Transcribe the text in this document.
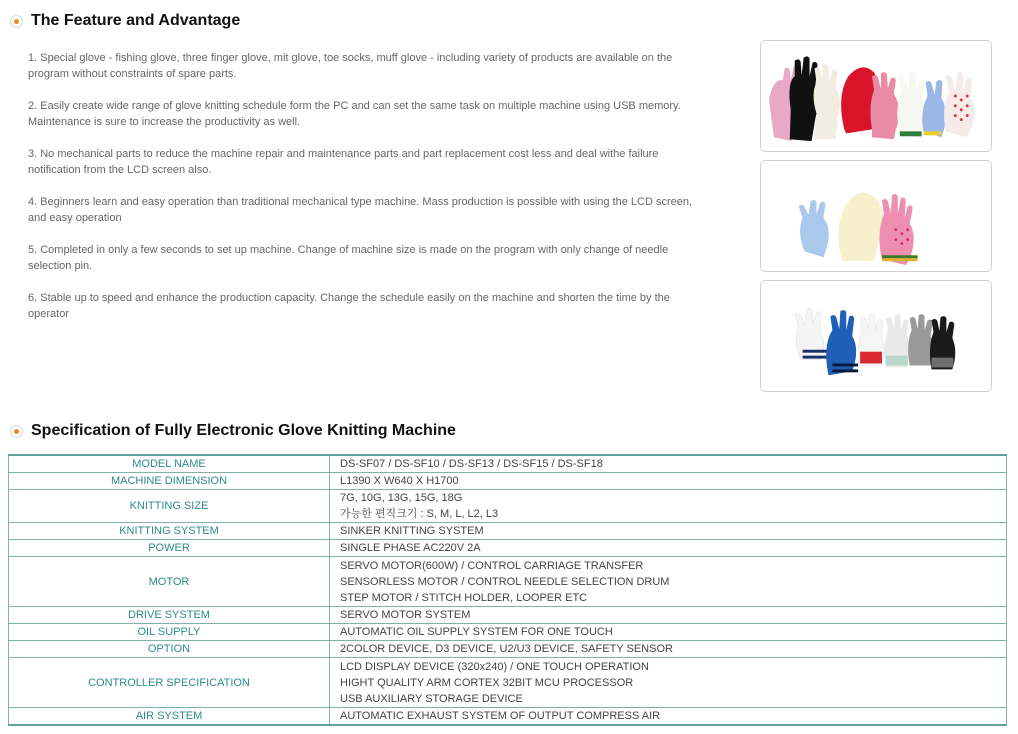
The Feature and Advantage

1. Special glove - fishing glove, three finger glove, mit glove, toe socks, muff glove - including variety of products are available on the program without constraints of spare parts.

2. Easily create wide range of glove knitting schedule form the PC and can set the same task on multiple machine using USB memory. Maintenance is sure to increase the productivity as well.

3. No mechanical parts to reduce the machine repair and maintenance parts and part replacement cost less and deal withe failure notification from the LCD screen also.

4. Beginners learn and easy operation than traditional mechanical type machine. Mass production is possible with using the LCD screen, and easy operation

5. Completed in only a few seconds to set up machine. Change of machine size is made on the program with only change of needle selection pin.

6. Stable up to speed and enhance the production capacity. Change the schedule easily on the machine and shorten the time by the operator

Specification of Fully Electronic Glove Knitting Machine
MODEL NAME	DS-SF07 / DS-SF10 / DS-SF13 / DS-SF15 / DS-SF18

MACHINE DIMENSION	L1390 X W640 X H1700

KNITTING SIZE	7G, 10G, 13G, 15G, 18G
가능한 편직크기 : S, M, L, L2, L3

KNITTING SYSTEM	SINKER KNITTING SYSTEM

POWER	SINGLE PHASE AC220V 2A

MOTOR	SERVO MOTOR(600W) / CONTROL CARRIAGE TRANSFER
SENSORLESS MOTOR / CONTROL NEEDLE SELECTION DRUM
STEP MOTOR / STITCH HOLDER, LOOPER ETC

DRIVE SYSTEM	SERVO MOTOR SYSTEM

OIL SUPPLY	AUTOMATIC OIL SUPPLY SYSTEM FOR ONE TOUCH

OPTION	2COLOR DEVICE, D3 DEVICE, U2/U3 DEVICE, SAFETY SENSOR

CONTROLLER SPECIFICATION	LCD DISPLAY DEVICE (320x240) / ONE TOUCH OPERATION
HIGHT QUALITY ARM CORTEX 32BIT MCU PROCESSOR
USB AUXILIARY STORAGE DEVICE

AIR SYSTEM	AUTOMATIC EXHAUST SYSTEM OF OUTPUT COMPRESS AIR
